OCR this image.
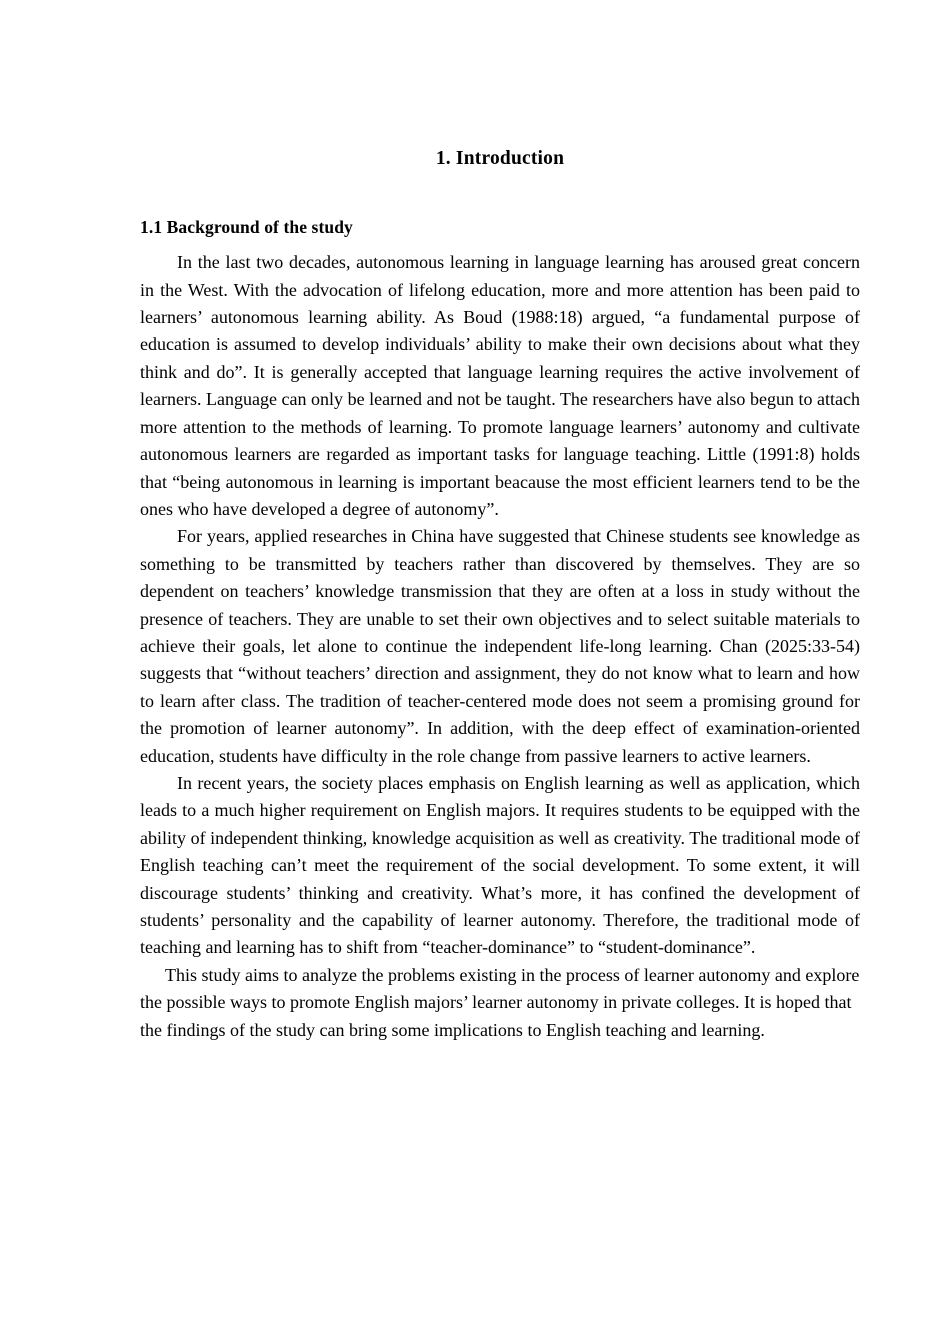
1. Introduction
1.1 Background of the study

In the last two decades, autonomous learning in language learning has aroused great concern in the West. With the advocation of lifelong education, more and more attention has been paid to learners’ autonomous learning ability. As Boud (1988:18) argued, “a fundamental purpose of education is assumed to develop individuals’ ability to make their own decisions about what they think and do”. It is generally accepted that language learning requires the active involvement of learners. Language can only be learned and not be taught. The researchers have also begun to attach more attention to the methods of learning. To promote language learners’ autonomy and cultivate autonomous learners are regarded as important tasks for language teaching. Little (1991:8) holds that “being autonomous in learning is important beacause the most efficient learners tend to be the ones who have developed a degree of autonomy”.

For years, applied researches in China have suggested that Chinese students see knowledge as something to be transmitted by teachers rather than discovered by themselves. They are so dependent on teachers’ knowledge transmission that they are often at a loss in study without the presence of teachers. They are unable to set their own objectives and to select suitable materials to achieve their goals, let alone to continue the independent life-long learning. Chan (2025:33-54) suggests that “without teachers’ direction and assignment, they do not know what to learn and how to learn after class. The tradition of teacher-centered mode does not seem a promising ground for the promotion of learner autonomy”. In addition, with the deep effect of examination-oriented education, students have difficulty in the role change from passive learners to active learners.

In recent years, the society places emphasis on English learning as well as application, which leads to a much higher requirement on English majors. It requires students to be equipped with the ability of independent thinking, knowledge acquisition as well as creativity. The traditional mode of English teaching can’t meet the requirement of the social development. To some extent, it will discourage students’ thinking and creativity. What’s more, it has confined the development of students’ personality and the capability of learner autonomy. Therefore, the traditional mode of teaching and learning has to shift from “teacher-dominance” to “student-dominance”.

This study aims to analyze the problems existing in the process of learner autonomy and explore the possible ways to promote English majors’ learner autonomy in private colleges. It is hoped that the findings of the study can bring some implications to English teaching and learning.
